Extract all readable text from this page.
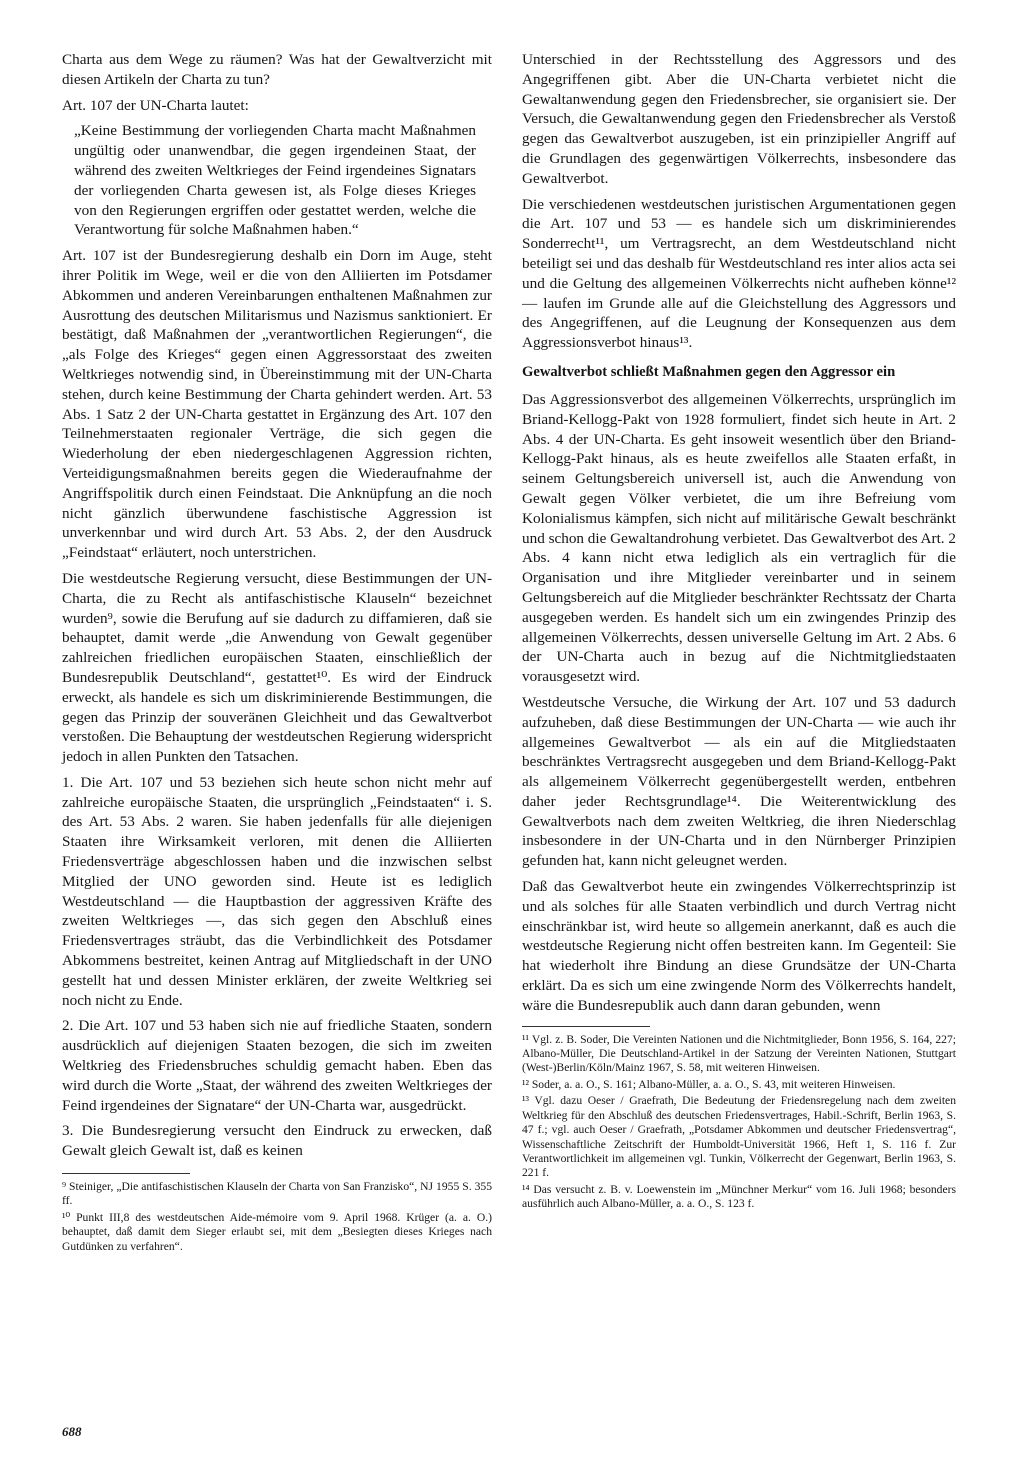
Charta aus dem Wege zu räumen? Was hat der Gewaltverzicht mit diesen Artikeln der Charta zu tun?

Art. 107 der UN-Charta lautet:

„Keine Bestimmung der vorliegenden Charta macht Maßnahmen ungültig oder unanwendbar, die gegen irgendeinen Staat, der während des zweiten Weltkrieges der Feind irgendeines Signatars der vorliegenden Charta gewesen ist, als Folge dieses Krieges von den Regierungen ergriffen oder gestattet werden, welche die Verantwortung für solche Maßnahmen haben.“

Art. 107 ist der Bundesregierung deshalb ein Dorn im Auge, steht ihrer Politik im Wege, weil er die von den Alliierten im Potsdamer Abkommen und anderen Vereinbarungen enthaltenen Maßnahmen zur Ausrottung des deutschen Militarismus und Nazismus sanktioniert. Er bestätigt, daß Maßnahmen der „verantwortlichen Regierungen“, die „als Folge des Krieges“ gegen einen Aggressorstaat des zweiten Weltkrieges notwendig sind, in Übereinstimmung mit der UN-Charta stehen, durch keine Bestimmung der Charta gehindert werden. Art. 53 Abs. 1 Satz 2 der UN-Charta gestattet in Ergänzung des Art. 107 den Teilnehmerstaaten regionaler Verträge, die sich gegen die Wiederholung der eben niedergeschlagenen Aggression richten, Verteidigungsmaßnahmen bereits gegen die Wiederaufnahme der Angriffspolitik durch einen Feindstaat. Die Anknüpfung an die noch nicht gänzlich überwundene faschistische Aggression ist unverkennbar und wird durch Art. 53 Abs. 2, der den Ausdruck „Feindstaat“ erläutert, noch unterstrichen.

Die westdeutsche Regierung versucht, diese Bestimmungen der UN-Charta, die zu Recht als antifaschistische Klauseln“ bezeichnet wurden⁹, sowie die Berufung auf sie dadurch zu diffamieren, daß sie behauptet, damit werde „die Anwendung von Gewalt gegenüber zahlreichen friedlichen europäischen Staaten, einschließlich der Bundesrepublik Deutschland“, gestattet¹⁰. Es wird der Eindruck erweckt, als handele es sich um diskriminierende Bestimmungen, die gegen das Prinzip der souveränen Gleichheit und das Gewaltverbot verstoßen. Die Behauptung der westdeutschen Regierung widerspricht jedoch in allen Punkten den Tatsachen.

1. Die Art. 107 und 53 beziehen sich heute schon nicht mehr auf zahlreiche europäische Staaten, die ursprünglich „Feindstaaten“ i. S. des Art. 53 Abs. 2 waren. Sie haben jedenfalls für alle diejenigen Staaten ihre Wirksamkeit verloren, mit denen die Alliierten Friedensverträge abgeschlossen haben und die inzwischen selbst Mitglied der UNO geworden sind. Heute ist es lediglich Westdeutschland — die Hauptbastion der aggressiven Kräfte des zweiten Weltkrieges —, das sich gegen den Abschluß eines Friedensvertrages sträubt, das die Verbindlichkeit des Potsdamer Abkommens bestreitet, keinen Antrag auf Mitgliedschaft in der UNO gestellt hat und dessen Minister erklären, der zweite Weltkrieg sei noch nicht zu Ende.

2. Die Art. 107 und 53 haben sich nie auf friedliche Staaten, sondern ausdrücklich auf diejenigen Staaten bezogen, die sich im zweiten Weltkrieg des Friedensbruches schuldig gemacht haben. Eben das wird durch die Worte „Staat, der während des zweiten Weltkrieges der Feind irgendeines der Signatare“ der UN-Charta war, ausgedrückt.

3. Die Bundesregierung versucht den Eindruck zu erwecken, daß Gewalt gleich Gewalt ist, daß es keinen

⁹ Steiniger, „Die antifaschistischen Klauseln der Charta von San Franzisko“, NJ 1955 S. 355 ff.

¹⁰ Punkt III,8 des westdeutschen Aide-mémoire vom 9. April 1968. Krüger (a. a. O.) behauptet, daß damit dem Sieger erlaubt sei, mit dem „Besiegten dieses Krieges nach Gutdünken zu verfahren“.

Unterschied in der Rechtsstellung des Aggressors und des Angegriffenen gibt. Aber die UN-Charta verbietet nicht die Gewaltanwendung gegen den Friedensbrecher, sie organisiert sie. Der Versuch, die Gewaltanwendung gegen den Friedensbrecher als Verstoß gegen das Gewaltverbot auszugeben, ist ein prinzipieller Angriff auf die Grundlagen des gegenwärtigen Völkerrechts, insbesondere das Gewaltverbot.

Die verschiedenen westdeutschen juristischen Argumentationen gegen die Art. 107 und 53 — es handele sich um diskriminierendes Sonderrecht¹¹, um Vertragsrecht, an dem Westdeutschland nicht beteiligt sei und das deshalb für Westdeutschland res inter alios acta sei und die Geltung des allgemeinen Völkerrechts nicht aufheben könne¹² — laufen im Grunde alle auf die Gleichstellung des Aggressors und des Angegriffenen, auf die Leugnung der Konsequenzen aus dem Aggressionsverbot hinaus¹³.

Gewaltverbot schließt Maßnahmen gegen den Aggressor ein

Das Aggressionsverbot des allgemeinen Völkerrechts, ursprünglich im Briand-Kellogg-Pakt von 1928 formuliert, findet sich heute in Art. 2 Abs. 4 der UN-Charta. Es geht insoweit wesentlich über den Briand-Kellogg-Pakt hinaus, als es heute zweifellos alle Staaten erfaßt, in seinem Geltungsbereich universell ist, auch die Anwendung von Gewalt gegen Völker verbietet, die um ihre Befreiung vom Kolonialismus kämpfen, sich nicht auf militärische Gewalt beschränkt und schon die Gewaltandrohung verbietet. Das Gewaltverbot des Art. 2 Abs. 4 kann nicht etwa lediglich als ein vertraglich für die Organisation und ihre Mitglieder vereinbarter und in seinem Geltungsbereich auf die Mitglieder beschränkter Rechtssatz der Charta ausgegeben werden. Es handelt sich um ein zwingendes Prinzip des allgemeinen Völkerrechts, dessen universelle Geltung im Art. 2 Abs. 6 der UN-Charta auch in bezug auf die Nichtmitgliedstaaten vorausgesetzt wird.

Westdeutsche Versuche, die Wirkung der Art. 107 und 53 dadurch aufzuheben, daß diese Bestimmungen der UN-Charta — wie auch ihr allgemeines Gewaltverbot — als ein auf die Mitgliedstaaten beschränktes Vertragsrecht ausgegeben und dem Briand-Kellogg-Pakt als allgemeinem Völkerrecht gegenübergestellt werden, entbehren daher jeder Rechtsgrundlage¹⁴. Die Weiterentwicklung des Gewaltverbots nach dem zweiten Weltkrieg, die ihren Niederschlag insbesondere in der UN-Charta und in den Nürnberger Prinzipien gefunden hat, kann nicht geleugnet werden.

Daß das Gewaltverbot heute ein zwingendes Völkerrechtsprinzip ist und als solches für alle Staaten verbindlich und durch Vertrag nicht einschränkbar ist, wird heute so allgemein anerkannt, daß es auch die westdeutsche Regierung nicht offen bestreiten kann. Im Gegenteil: Sie hat wiederholt ihre Bindung an diese Grundsätze der UN-Charta erklärt. Da es sich um eine zwingende Norm des Völkerrechts handelt, wäre die Bundesrepublik auch dann daran gebunden, wenn

¹¹ Vgl. z. B. Soder, Die Vereinten Nationen und die Nichtmitglieder, Bonn 1956, S. 164, 227; Albano-Müller, Die Deutschland-Artikel in der Satzung der Vereinten Nationen, Stuttgart (West-)Berlin/Köln/Mainz 1967, S. 58, mit weiteren Hinweisen.

¹² Soder, a. a. O., S. 161; Albano-Müller, a. a. O., S. 43, mit weiteren Hinweisen.

¹³ Vgl. dazu Oeser / Graefrath, Die Bedeutung der Friedensregelung nach dem zweiten Weltkrieg für den Abschluß des deutschen Friedensvertrages, Habil.-Schrift, Berlin 1963, S. 47 f.; vgl. auch Oeser / Graefrath, „Potsdamer Abkommen und deutscher Friedensvertrag“, Wissenschaftliche Zeitschrift der Humboldt-Universität 1966, Heft 1, S. 116 f. Zur Verantwortlichkeit im allgemeinen vgl. Tunkin, Völkerrecht der Gegenwart, Berlin 1963, S. 221 f.

¹⁴ Das versucht z. B. v. Loewenstein im „Münchner Merkur“ vom 16. Juli 1968; besonders ausführlich auch Albano-Müller, a. a. O., S. 123 f.

688
